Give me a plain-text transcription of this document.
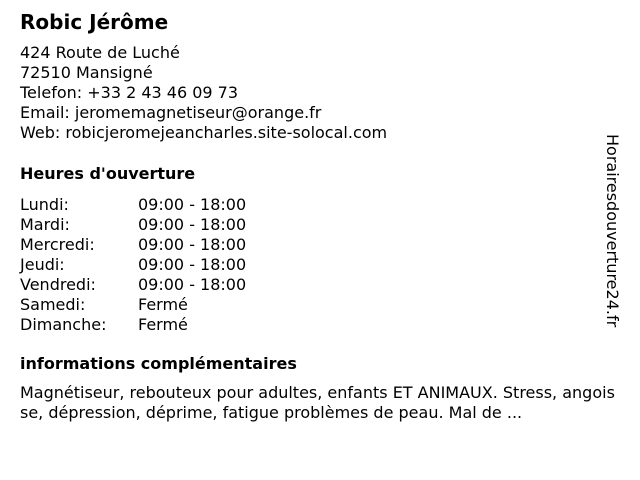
Robic Jérôme
424 Route de Luché
72510 Mansigné
Telefon: +33 2 43 46 09 73
Email: jeromemagnetiseur@orange.fr
Web: robicjeromejeancharles.site-solocal.com
Heures d'ouverture
Lundi:	09:00 - 18:00
Mardi:	09:00 - 18:00
Mercredi:	09:00 - 18:00
Jeudi:	09:00 - 18:00
Vendredi:	09:00 - 18:00
Samedi:	Fermé
Dimanche: Fermé
informations complémentaires
Magnétiseur, rebouteux pour adultes, enfants ET ANIMAUX. Stress, angoisse, dépression, déprime, fatigue problèmes de peau. Mal de ...
Horairesdouverture24.fr
